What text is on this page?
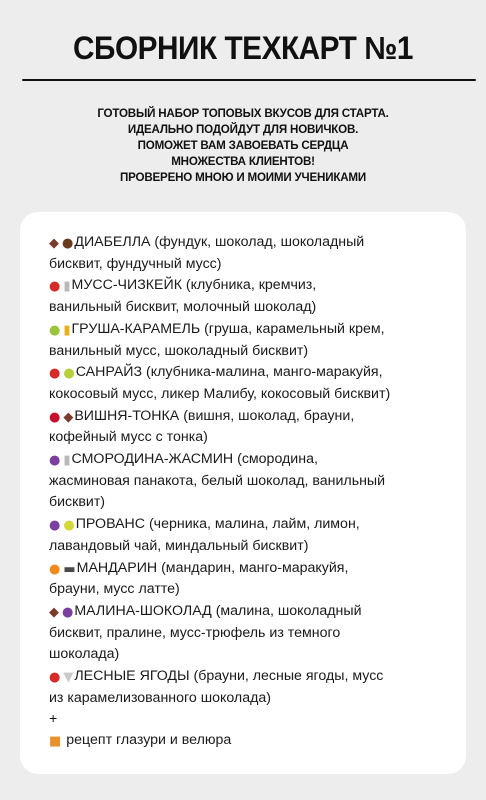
СБОРНИК ТЕХКАРТ №1
ГОТОВЫЙ НАБОР ТОПОВЫХ ВКУСОВ ДЛЯ СТАРТА.
ИДЕАЛЬНО ПОДОЙДУТ ДЛЯ НОВИЧКОВ.
ПОМОЖЕТ ВАМ ЗАВОЕВАТЬ СЕРДЦА
МНОЖЕСТВА КЛИЕНТОВ!
ПРОВЕРЕНО МНОЮ И МОИМИ УЧЕНИКАМИ
◆ ●ДИАБЕЛЛА (фундук, шоколад, шоколадный
бисквит, фундучный мусс)
● ▮МУСС-ЧИЗКЕЙК (клубника, кремчиз,
ванильный бисквит, молочный шоколад)
● ▮ГРУША-КАРАМЕЛЬ (груша, карамельный крем,
ванильный мусс, шоколадный бисквит)
● ●САНРАЙЗ (клубника-малина, манго-маракуйя,
кокосовый мусс, ликер Малибу, кокосовый бисквит)
● ◆ВИШНЯ-ТОНКА (вишня, шоколад, брауни,
кофейный мусс с тонка)
● ▮СМОРОДИНА-ЖАСМИН (смородина,
жасминовая панакота, белый шоколад, ванильный
бисквит)
● ●ПРОВАНС (черника, малина, лайм, лимон,
лавандовый чай, миндальный бисквит)
● ▬МАНДАРИН (мандарин, манго-маракуйя,
брауни, мусс латте)
◆ ●МАЛИНА-ШОКОЛАД (малина, шоколадный
бисквит, пралине, мусс-трюфель из темного
шоколада)
● ▼ЛЕСНЫЕ ЯГОДЫ (брауни, лесные ягоды, мусс
из карамелизованного шоколада)
+
■ рецепт глазури и велюра
